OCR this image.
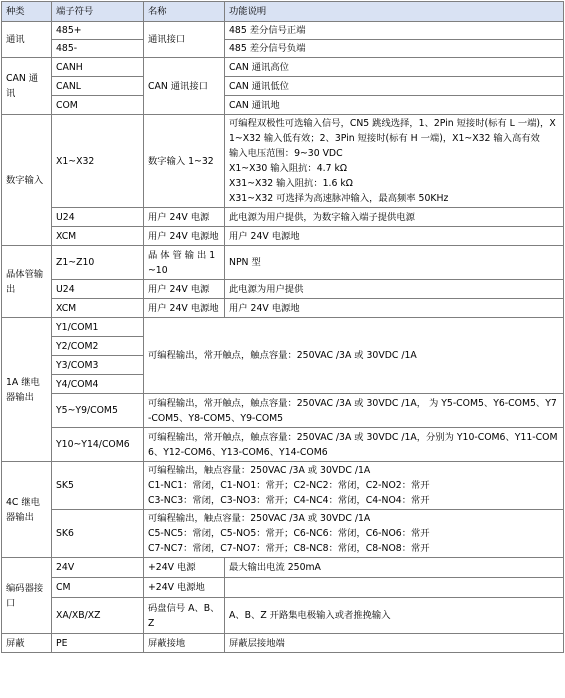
种类	端子符号	名称	功能说明
通讯	485+	通讯接口	485 差分信号正端
	485-		485 差分信号负端
CAN 通讯	CANH	CAN 通讯接口	CAN 通讯高位
	CANL		CAN 通讯低位
	COM		CAN 通讯地
数字输入	X1~X32	数字输入 1~32	可编程双极性可选输入信号，CN5 跳线选择，1、2Pin 短接时(标有 L 一端)，X1~X32 输入低有效；2、3Pin 短接时(标有 H 一端)，X1~X32 输入高有效
输入电压范围：9~30 VDC
X1~X30 输入阻抗：4.7 kΩ
X31~X32 输入阻抗：1.6 kΩ
X31~X32 可选择为高速脉冲输入，最高频率 50KHz

	U24	用户 24V 电源	此电源为用户提供，为数字输入端子提供电源
	XCM	用户 24V 电源地	用户 24V 电源地
晶体管输出	Z1~Z10	晶 体 管 输 出 1~10	NPN 型
	U24	用户 24V 电源	此电源为用户提供
	XCM	用户 24V 电源地	用户 24V 电源地
1A 继电器输出	Y1/COM1	可编程输出，常开触点，触点容量：250VAC /3A 或 30VDC /1A	
	Y2/COM2		
	Y3/COM3		
	Y4/COM4		
	Y5~Y9/COM5	可编程输出，常开触点，触点容量：250VAC /3A 或 30VDC /1A， 为 Y5-COM5、Y6-COM5、Y7-COM5、Y8-COM5、Y9-COM5	
	Y10~Y14/COM6	可编程输出，常开触点，触点容量：250VAC /3A 或 30VDC /1A，分别为 Y10-COM6、Y11-COM6、Y12-COM6、Y13-COM6、Y14-COM6	
4C 继电器输出	SK5	可编程输出，触点容量：250VAC /3A 或 30VDC /1A
C1-NC1：常闭，C1-NO1：常开；C2-NC2：常闭，C2-NO2：常开
C3-NC3：常闭，C3-NO3：常开；C4-NC4：常闭，C4-NO4：常开	

	SK6	可编程输出，触点容量：250VAC /3A 或 30VDC /1A
C5-NC5：常闭，C5-NO5：常开；C6-NC6：常闭，C6-NO6：常开
C7-NC7：常闭，C7-NO7：常开；C8-NC8：常闭，C8-NO8：常开	

编码器接口	24V	+24V 电源	最大输出电流 250mA
	CM	+24V 电源地	
	XA/XB/XZ	码盘信号 A、B、Z	A、B、Z 开路集电极输入或者推挽输入
屏蔽	PE	屏蔽接地	屏蔽层接地端
